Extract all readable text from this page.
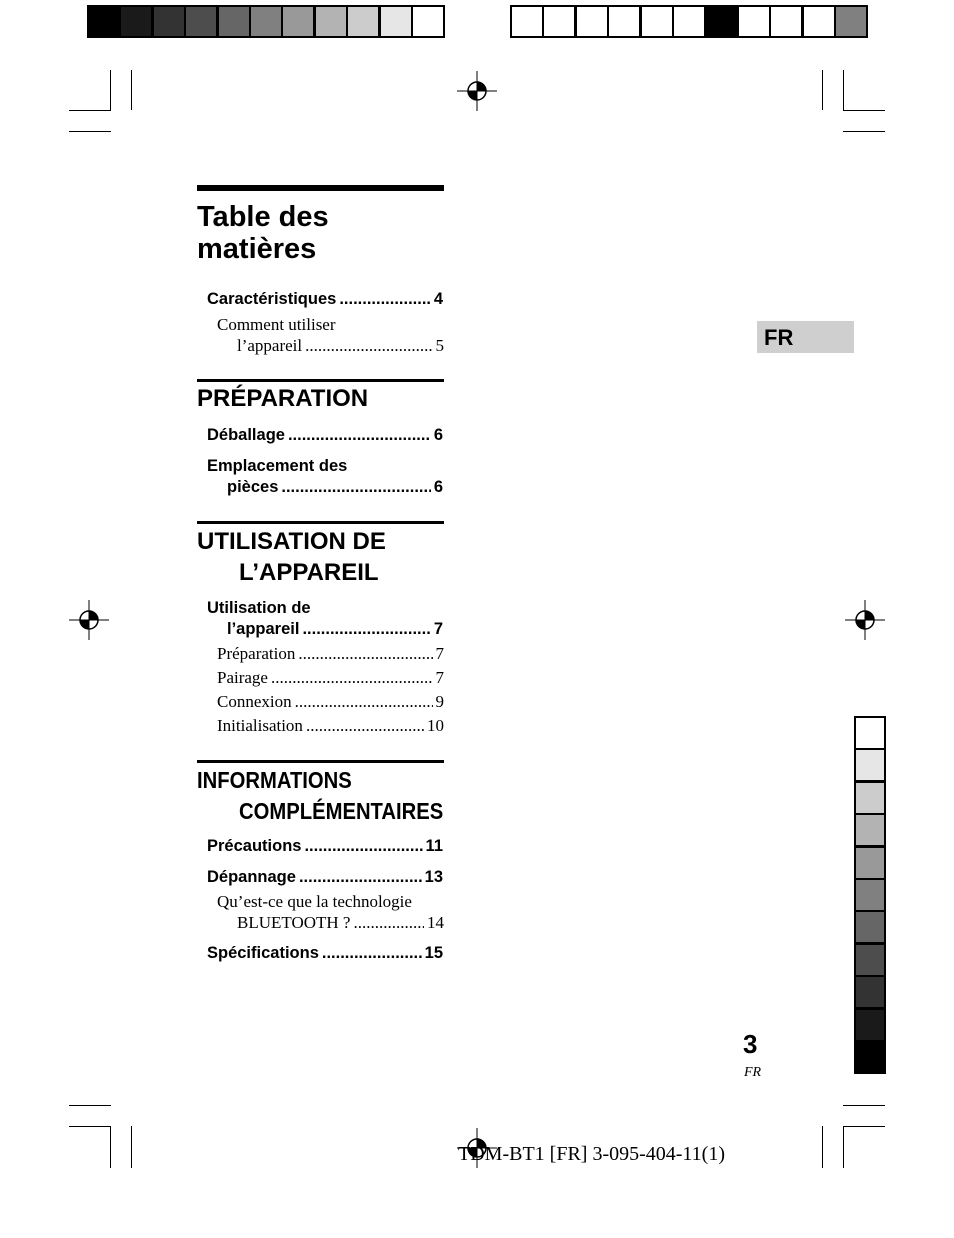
Table des
matières
Caractéristiques .....	4
Comment utiliser
l’appareil .....	5
PRÉPARATION
Déballage .....	6
Emplacement des
pièces .....	6
UTILISATION DE
L’APPAREIL
Utilisation de
l’appareil .....	7
Préparation .....	7
Pairage .....	7
Connexion .....	9
Initialisation .....	10
INFORMATIONS
COMPLÉMENTAIRES
Précautions .....	11
Dépannage .....	13
Qu’est-ce que la technologie
BLUETOOTH ? .....	14
Spécifications .....	15
FR
3
FR
TDM-BT1 [FR] 3-095-404-11(1)
